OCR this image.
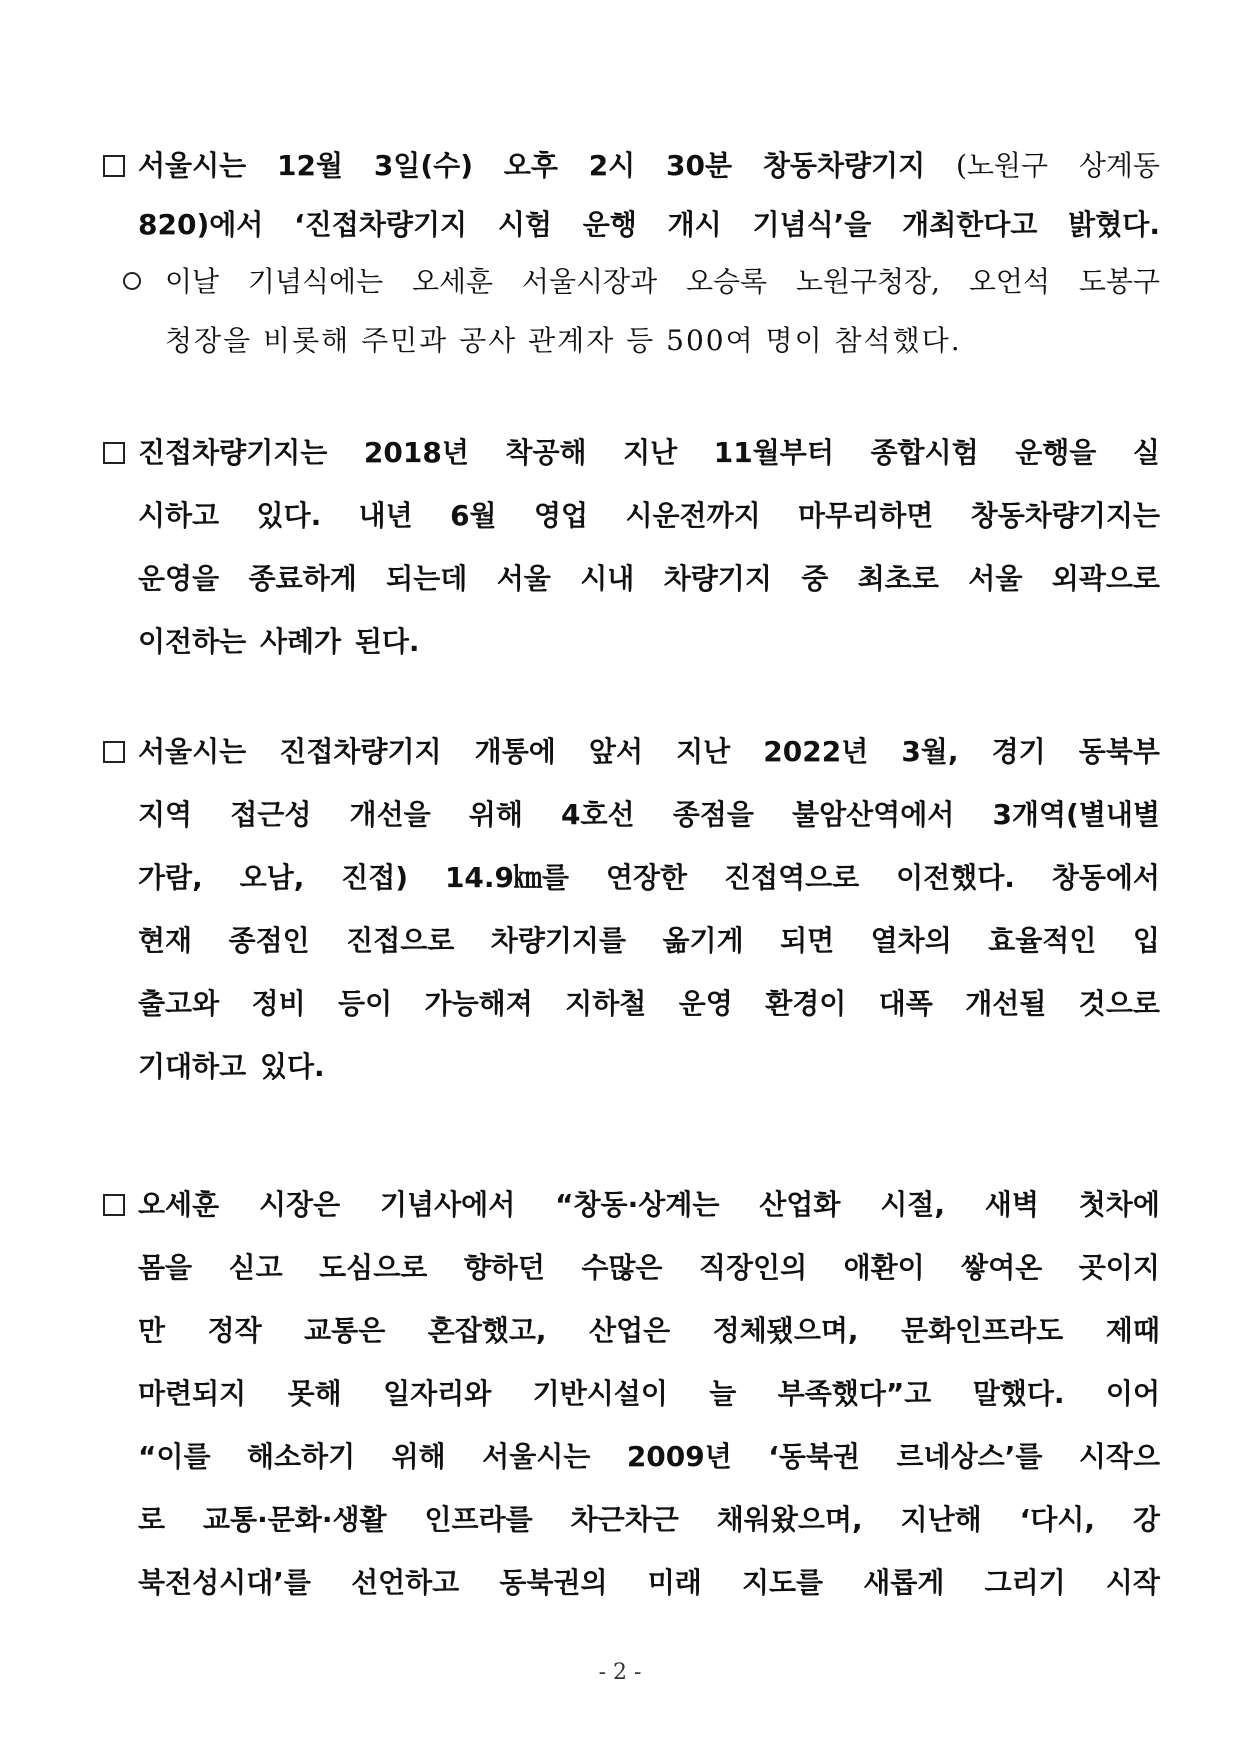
서울시는 12월 3일(수) 오후 2시 30분 창동차량기지 (노원구 상계동
820)에서 ‘진접차량기지 시험 운행 개시 기념식’을 개최한다고 밝혔다.
이날 기념식에는 오세훈 서울시장과 오승록 노원구청장, 오언석 도봉구
청장을 비롯해 주민과 공사 관계자 등 500여 명이 참석했다.
진접차량기지는 2018년 착공해 지난 11월부터 종합시험 운행을 실
시하고 있다. 내년 6월 영업 시운전까지 마무리하면 창동차량기지는
운영을 종료하게 되는데 서울 시내 차량기지 중 최초로 서울 외곽으로
이전하는 사례가 된다.
서울시는 진접차량기지 개통에 앞서 지난 2022년 3월, 경기 동북부
지역 접근성 개선을 위해 4호선 종점을 불암산역에서 3개역(별내별
가람, 오남, 진접) 14.9㎞를 연장한 진접역으로 이전했다. 창동에서
현재 종점인 진접으로 차량기지를 옮기게 되면 열차의 효율적인 입
출고와 정비 등이 가능해져 지하철 운영 환경이 대폭 개선될 것으로
기대하고 있다.
오세훈 시장은 기념사에서 “창동·상계는 산업화 시절, 새벽 첫차에
몸을 싣고 도심으로 향하던 수많은 직장인의 애환이 쌓여온 곳이지
만 정작 교통은 혼잡했고, 산업은 정체됐으며, 문화인프라도 제때
마련되지 못해 일자리와 기반시설이 늘 부족했다”고 말했다. 이어
“이를 해소하기 위해 서울시는 2009년 ‘동북권 르네상스’를 시작으
로 교통·문화·생활 인프라를 차근차근 채워왔으며, 지난해 ‘다시, 강
북전성시대’를 선언하고 동북권의 미래 지도를 새롭게 그리기 시작
- 2 -
